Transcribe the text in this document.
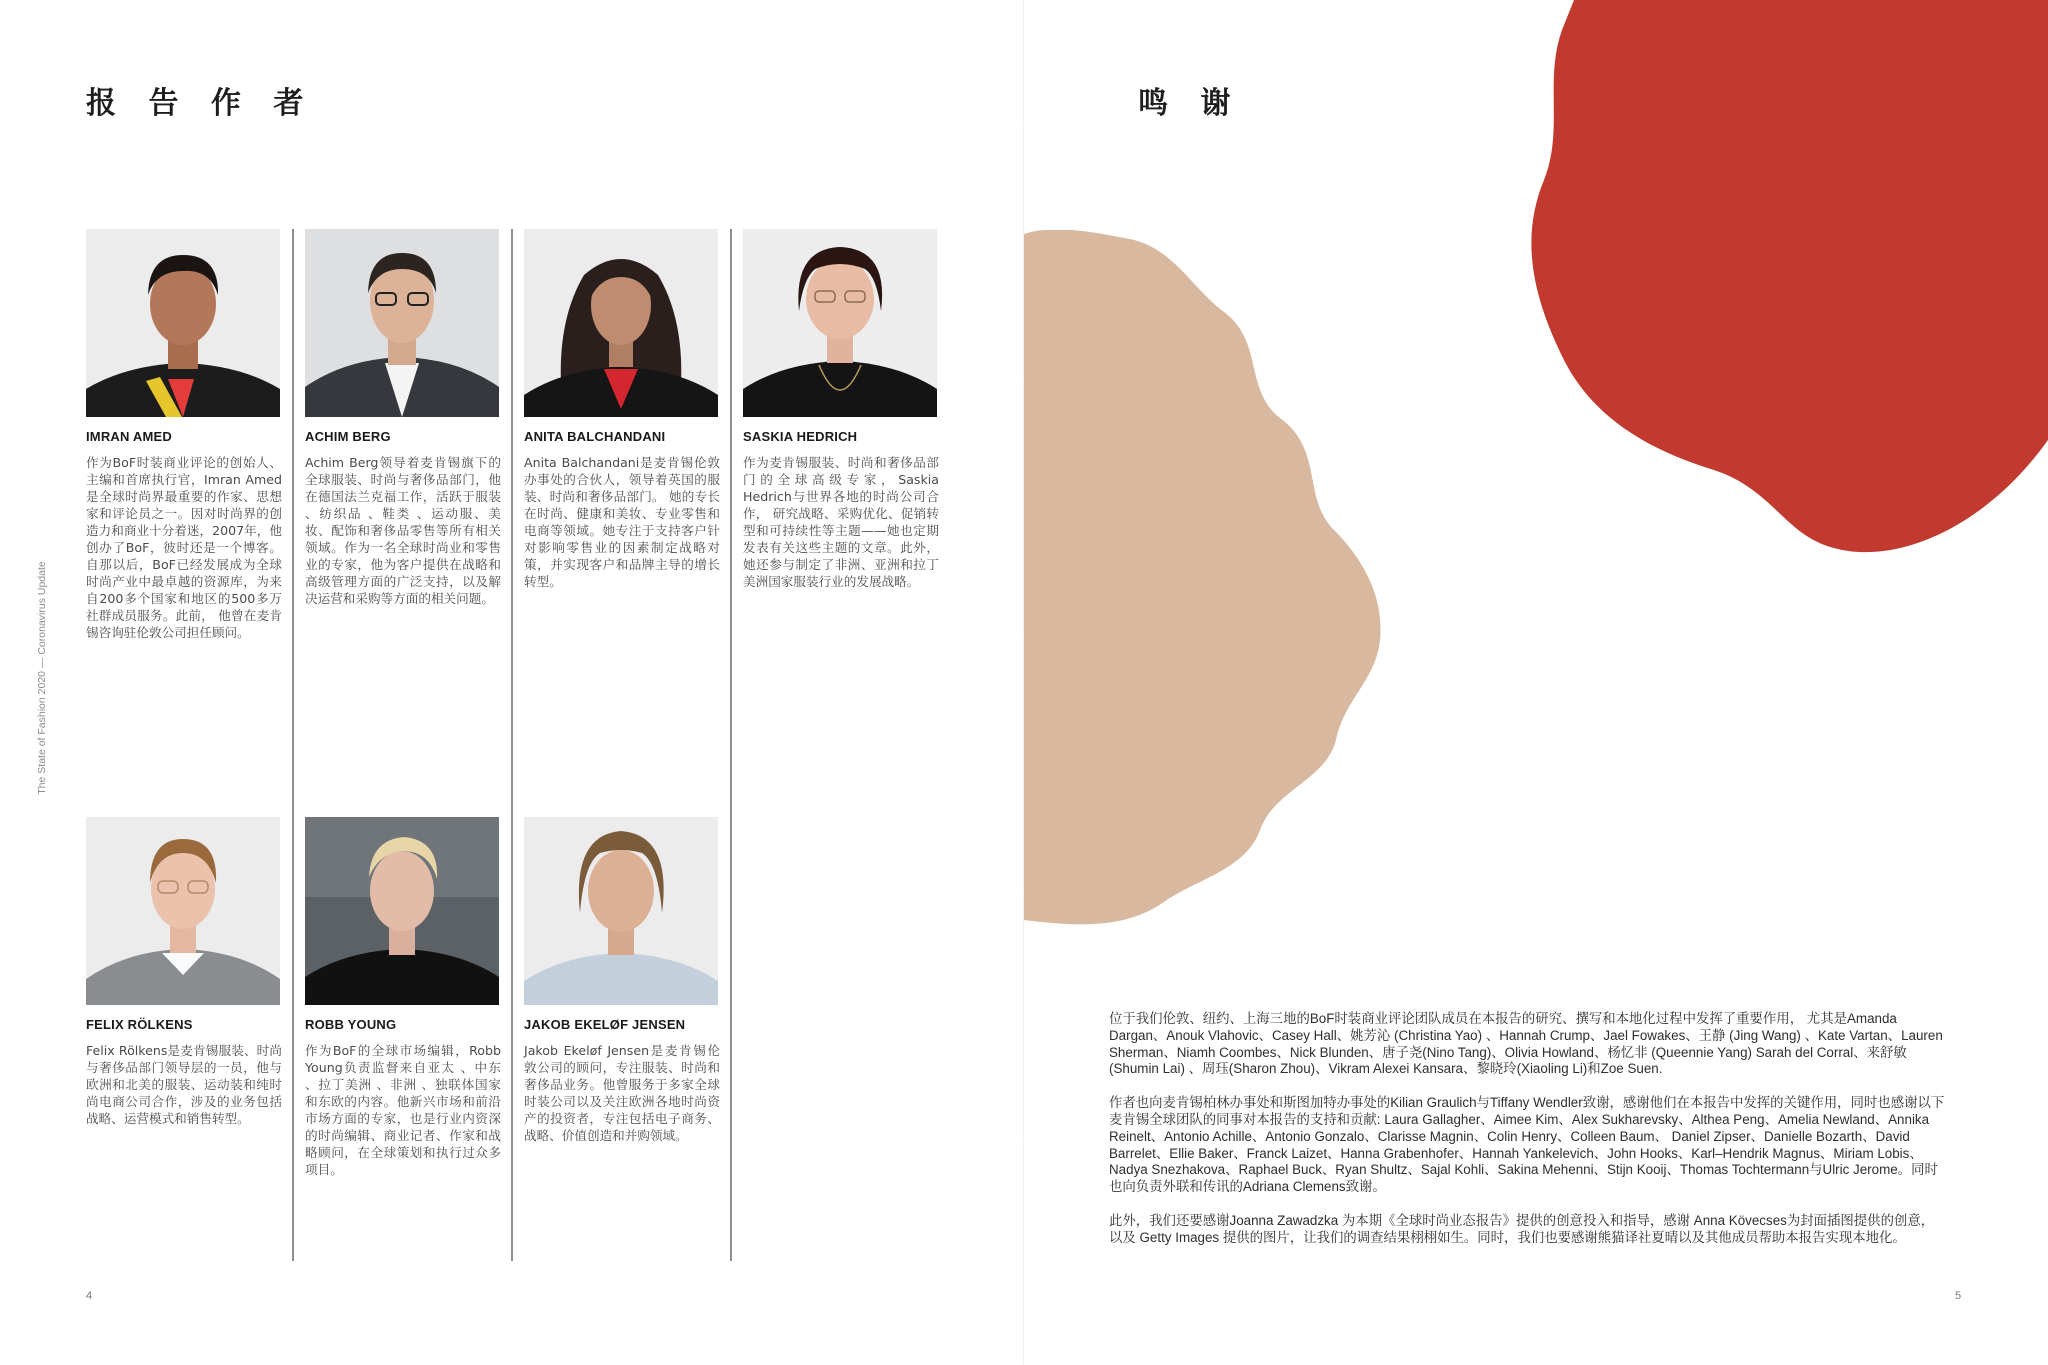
报 告 作 者
The State of Fashion 2020 — Coronavirus Update
IMRAN AMED
作为BoF时装商业评论的创始人、主编和首席执行官，Imran Amed是全球时尚界最重要的作家、思想家和评论员之一。因对时尚界的创造力和商业十分着迷，2007年，他创办了BoF，彼时还是一个博客。自那以后，BoF已经发展成为全球时尚产业中最卓越的资源库，为来自200多个国家和地区的500多万社群成员服务。此前， 他曾在麦肯锡咨询驻伦敦公司担任顾问。
ACHIM BERG
Achim Berg领导着麦肯锡旗下的全球服装、时尚与奢侈品部门，他在德国法兰克福工作，活跃于服装 、纺织品 、鞋类 、运动服、美妆、配饰和奢侈品零售等所有相关领域。作为一名全球时尚业和零售业的专家，他为客户提供在战略和高级管理方面的广泛支持，以及解决运营和采购等方面的相关问题。
ANITA BALCHANDANI
Anita Balchandani是麦肯锡伦敦办事处的合伙人，领导着英国的服装、时尚和奢侈品部门。 她的专长在时尚、健康和美妆、专业零售和电商等领域。她专注于支持客户针对影响零售业的因素制定战略对策，并实现客户和品牌主导的增长转型。
SASKIA HEDRICH
作为麦肯锡服装、时尚和奢侈品部门的全球高级专家，Saskia Hedrich与世界各地的时尚公司合作， 研究战略、采购优化、促销转型和可持续性等主题——她也定期发表有关这些主题的文章。此外，她还参与制定了非洲、亚洲和拉丁美洲国家服装行业的发展战略。
FELIX RÖLKENS
Felix Rölkens是麦肯锡服装、时尚与奢侈品部门领导层的一员，他与欧洲和北美的服装、运动装和纯时尚电商公司合作，涉及的业务包括战略、运营模式和销售转型。
ROBB YOUNG
作为BoF的全球市场编辑，Robb Young负责监督来自亚太 、中东 、拉丁美洲 、非洲 、独联体国家和东欧的内容。他新兴市场和前沿市场方面的专家，也是行业内资深的时尚编辑、商业记者、作家和战略顾问，在全球策划和执行过众多项目。
JAKOB EKELØF JENSEN
Jakob Ekeløf Jensen是麦肯锡伦敦公司的顾问，专注服装、时尚和奢侈品业务。他曾服务于多家全球时装公司以及关注欧洲各地时尚资产的投资者，专注包括电子商务、战略、价值创造和并购领域。
4
鸣 谢

位于我们伦敦、纽约、上海三地的BoF时装商业评论团队成员在本报告的研究、撰写和本地化过程中发挥了重要作用， 尤其是Amanda Dargan、Anouk Vlahovic、Casey Hall、姚芳沁 (Christina Yao) 、Hannah Crump、Jael Fowakes、王静 (Jing Wang) 、Kate Vartan、Lauren Sherman、Niamh Coombes、Nick Blunden、唐子尧(Nino Tang)、Olivia Howland、杨忆非 (Queennie Yang) Sarah del Corral、来舒敏 (Shumin Lai) 、周珏(Sharon Zhou)、Vikram Alexei Kansara、黎晓玲(Xiaoling Li)和Zoe Suen.

作者也向麦肯锡柏林办事处和斯图加特办事处的Kilian Graulich与Tiffany Wendler致谢，感谢他们在本报告中发挥的关键作用，同时也感谢以下麦肯锡全球团队的同事对本报告的支持和贡献: Laura Gallagher、Aimee Kim、Alex Sukharevsky、Althea Peng、Amelia Newland、Annika Reinelt、Antonio Achille、Antonio Gonzalo、Clarisse Magnin、Colin Henry、Colleen Baum、 Daniel Zipser、Danielle Bozarth、David Barrelet、Ellie Baker、Franck Laizet、Hanna Grabenhofer、Hannah Yankelevich、John Hooks、Karl–Hendrik Magnus、Miriam Lobis、Nadya Snezhakova、Raphael Buck、Ryan Shultz、Sajal Kohli、Sakina Mehenni、Stijn Kooij、Thomas Tochtermann与Ulric Jerome。同时也向负责外联和传讯的Adriana Clemens致谢。

此外，我们还要感谢Joanna Zawadzka 为本期《全球时尚业态报告》提供的创意投入和指导，感谢 Anna Kövecses为封面插图提供的创意，以及 Getty Images 提供的图片，让我们的调查结果栩栩如生。同时，我们也要感谢熊猫译社夏晴以及其他成员帮助本报告实现本地化。

5
